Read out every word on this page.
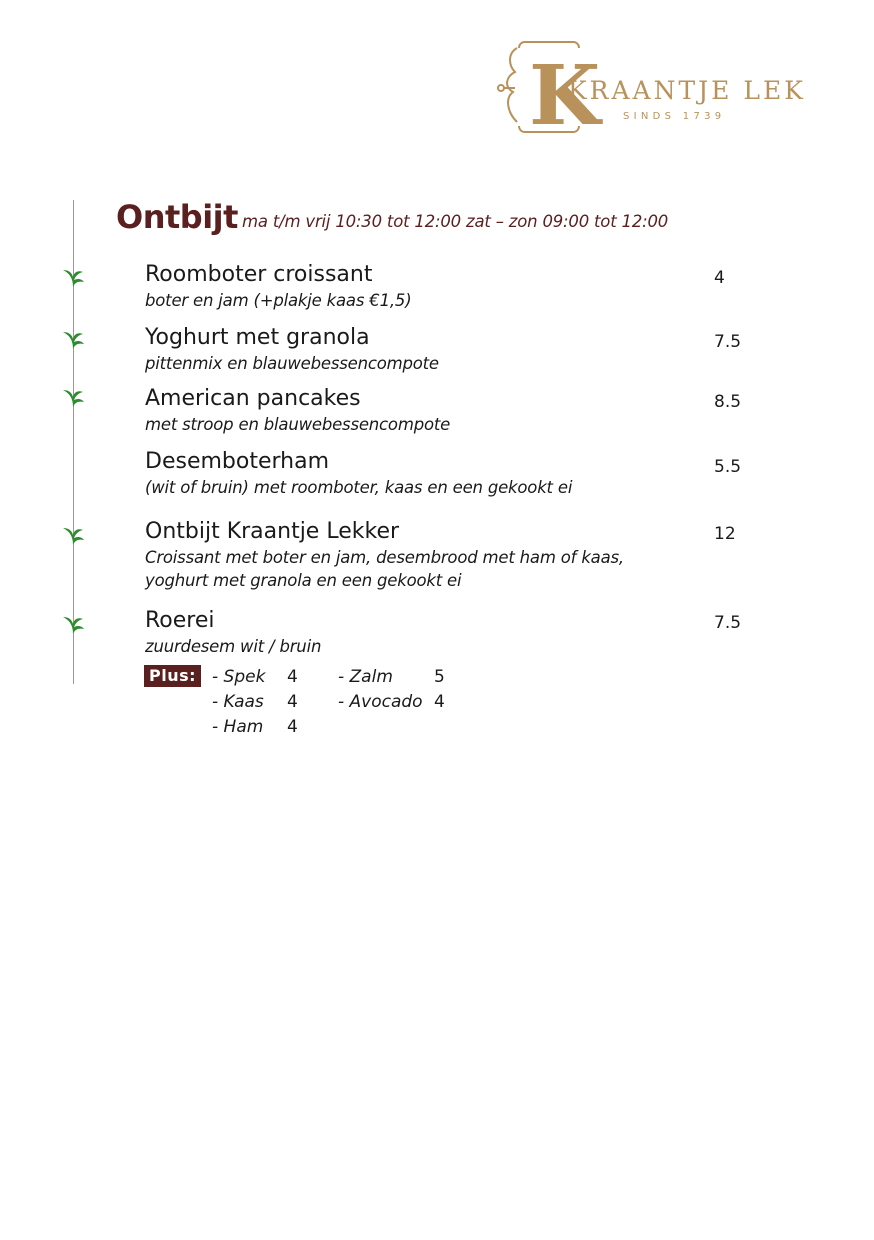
K
KRAANTJE LEK
SINDS 1739
Ontbijt ma t/m vrij 10:30 tot 12:00 zat – zon 09:00 tot 12:00
Roomboter croissant
boter en jam (+plakje kaas €1,5)
4
Yoghurt met granola
pittenmix en blauwebessencompote
7.5
American pancakes
met stroop en blauwebessencompote
8.5
Desemboterham
(wit of bruin) met roomboter, kaas en een gekookt ei
5.5
Ontbijt Kraantje Lekker
Croissant met boter en jam, desembrood met ham of kaas,
yoghurt met granola en een gekookt ei
12
Roerei
zuurdesem wit / bruin
7.5
Plus: - Spek 4
- Kaas 4
- Ham 4
- Zalm 5
- Avocado 4
